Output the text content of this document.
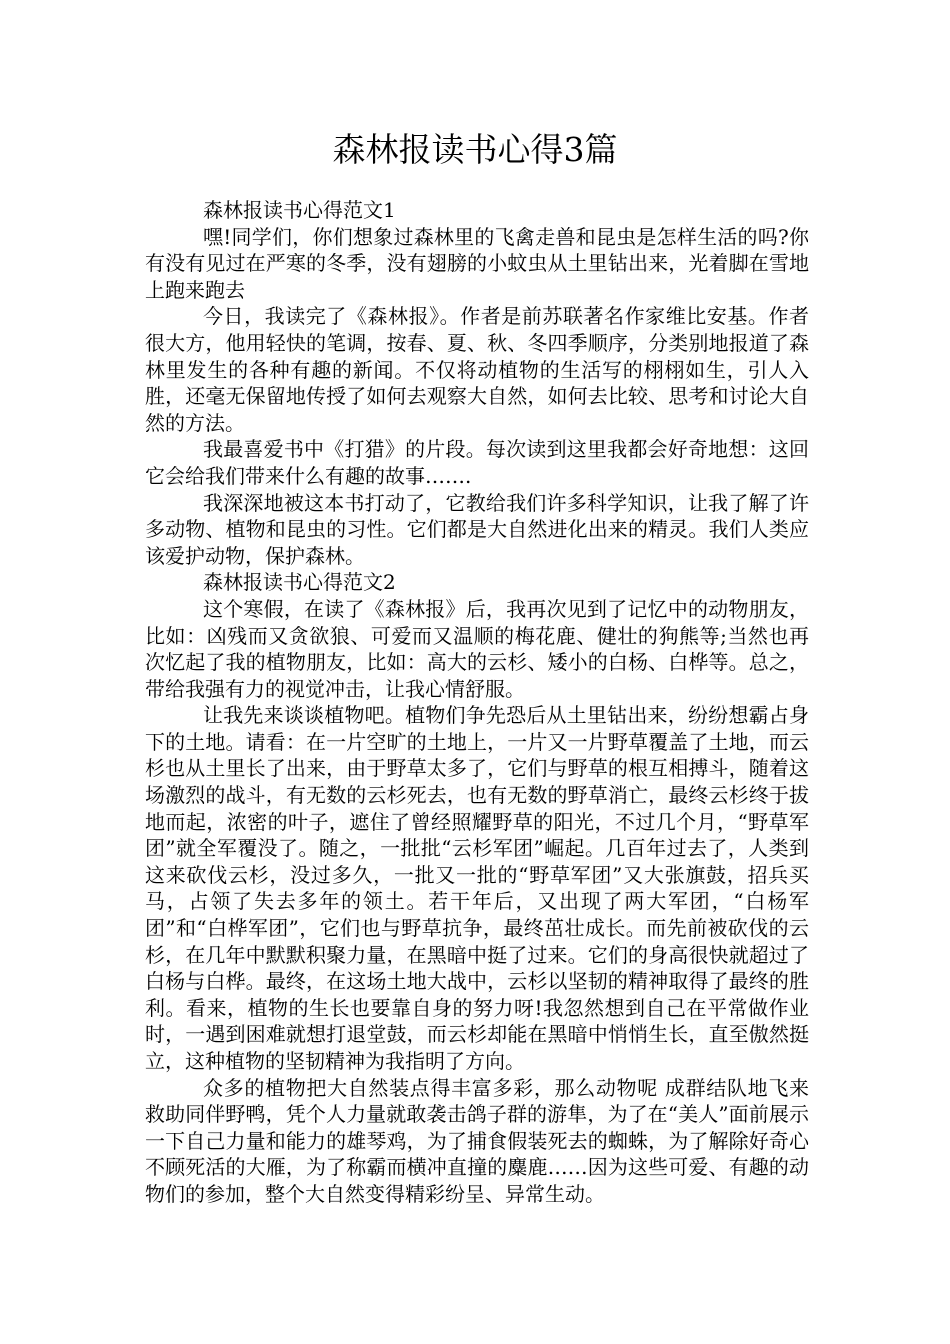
森林报读书心得3篇

森林报读书心得范文1

嘿!同学们，你们想象过森林里的飞禽走兽和昆虫是怎样生活的吗?你有没有见过在严寒的冬季，没有翅膀的小蚊虫从土里钻出来，光着脚在雪地上跑来跑去

今日，我读完了《森林报》。作者是前苏联著名作家维比安基。作者很大方，他用轻快的笔调，按春、夏、秋、冬四季顺序，分类别地报道了森林里发生的各种有趣的新闻。不仅将动植物的生活写的栩栩如生，引人入胜，还毫无保留地传授了如何去观察大自然，如何去比较、思考和讨论大自然的方法。

我最喜爱书中《打猎》的片段。每次读到这里我都会好奇地想：这回它会给我们带来什么有趣的故事…….

我深深地被这本书打动了，它教给我们许多科学知识，让我了解了许多动物、植物和昆虫的习性。它们都是大自然进化出来的精灵。我们人类应该爱护动物，保护森林。

森林报读书心得范文2

这个寒假，在读了《森林报》后，我再次见到了记忆中的动物朋友，比如：凶残而又贪欲狼、可爱而又温顺的梅花鹿、健壮的狗熊等;当然也再次忆起了我的植物朋友，比如：高大的云杉、矮小的白杨、白桦等。总之，带给我强有力的视觉冲击，让我心情舒服。

让我先来谈谈植物吧。植物们争先恐后从土里钻出来，纷纷想霸占身下的土地。请看：在一片空旷的土地上，一片又一片野草覆盖了土地，而云杉也从土里长了出来，由于野草太多了，它们与野草的根互相搏斗，随着这场激烈的战斗，有无数的云杉死去，也有无数的野草消亡，最终云杉终于拔地而起，浓密的叶子，遮住了曾经照耀野草的阳光，不过几个月，“野草军团”就全军覆没了。随之，一批批“云杉军团”崛起。几百年过去了，人类到这来砍伐云杉，没过多久，一批又一批的“野草军团”又大张旗鼓，招兵买马，占领了失去多年的领土。若干年后，又出现了两大军团，“白杨军团”和“白桦军团”，它们也与野草抗争，最终茁壮成长。而先前被砍伐的云杉，在几年中默默积聚力量，在黑暗中挺了过来。它们的身高很快就超过了白杨与白桦。最终，在这场土地大战中，云杉以坚韧的精神取得了最终的胜利。看来，植物的生长也要靠自身的努力呀!我忽然想到自己在平常做作业时，一遇到困难就想打退堂鼓，而云杉却能在黑暗中悄悄生长，直至傲然挺立，这种植物的坚韧精神为我指明了方向。

众多的植物把大自然装点得丰富多彩，那么动物呢 成群结队地飞来救助同伴野鸭，凭个人力量就敢袭击鸽子群的游隼，为了在“美人”面前展示一下自己力量和能力的雄琴鸡，为了捕食假装死去的蜘蛛，为了解除好奇心不顾死活的大雁，为了称霸而横冲直撞的麋鹿……因为这些可爱、有趣的动物们的参加，整个大自然变得精彩纷呈、异常生动。
